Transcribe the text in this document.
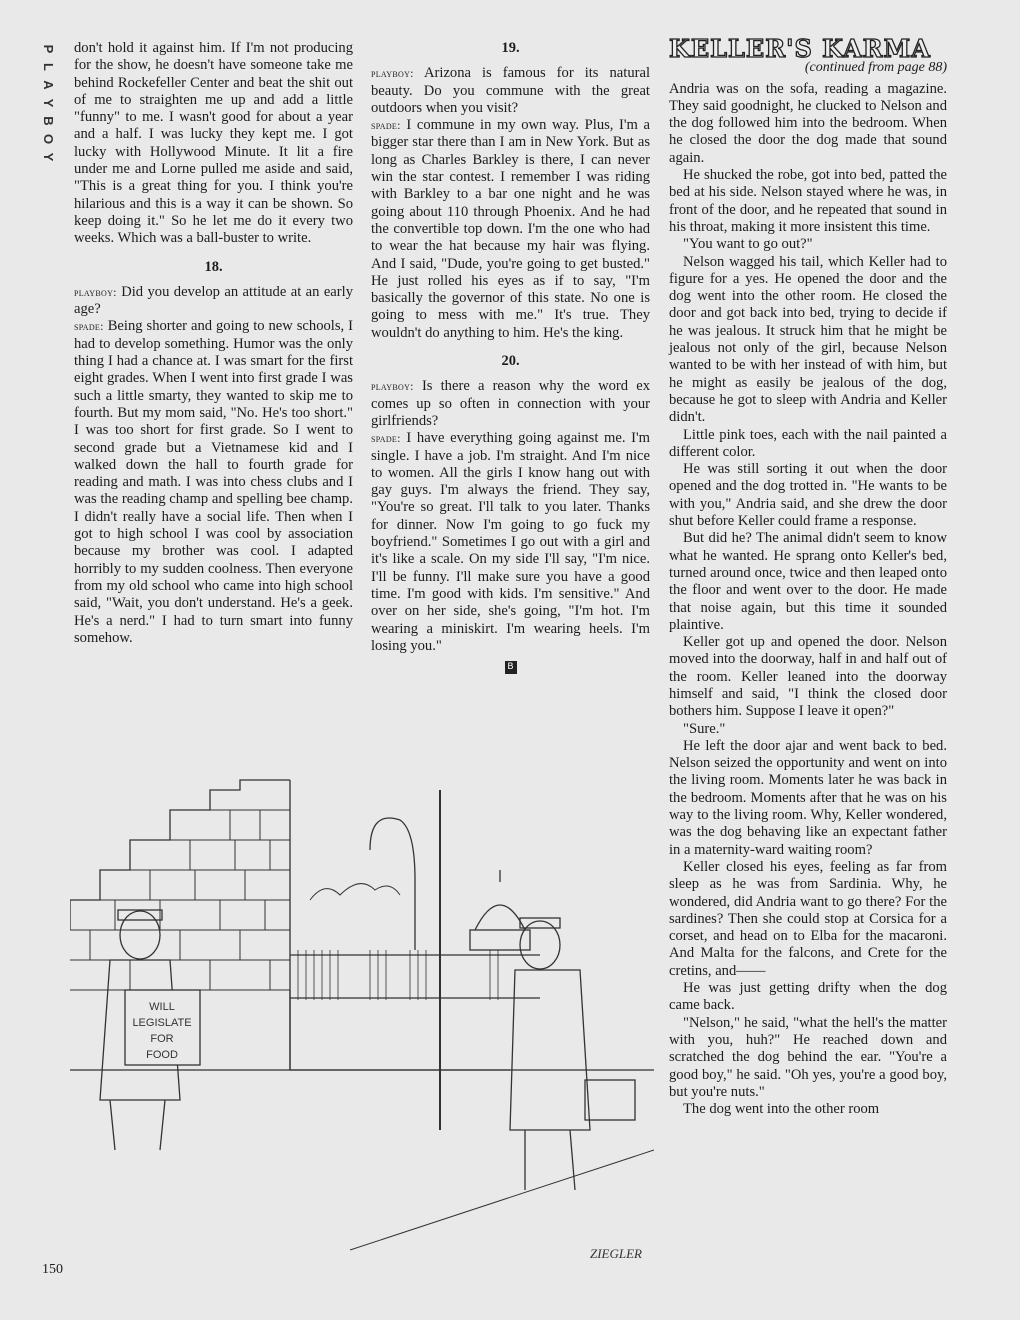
P
L
A
Y
B
O
Y

don't hold it against him. If I'm not producing for the show, he doesn't have someone take me behind Rockefeller Center and beat the shit out of me to straighten me up and add a little "funny" to me. I wasn't good for about a year and a half. I was lucky they kept me. I got lucky with Hollywood Minute. It lit a fire under me and Lorne pulled me aside and said, "This is a great thing for you. I think you're hilarious and this is a way it can be shown. So keep doing it." So he let me do it every two weeks. Which was a ball-buster to write.

18.

playboy: Did you develop an attitude at an early age?

spade: Being shorter and going to new schools, I had to develop something. Humor was the only thing I had a chance at. I was smart for the first eight grades. When I went into first grade I was such a little smarty, they wanted to skip me to fourth. But my mom said, "No. He's too short." I was too short for first grade. So I went to second grade but a Vietnamese kid and I walked down the hall to fourth grade for reading and math. I was into chess clubs and I was the reading champ and spelling bee champ. I didn't really have a social life. Then when I got to high school I was cool by association because my brother was cool. I adapted horribly to my sudden coolness. Then everyone from my old school who came into high school said, "Wait, you don't understand. He's a geek. He's a nerd." I had to turn smart into funny somehow.

19.

playboy: Arizona is famous for its natural beauty. Do you commune with the great outdoors when you visit?

spade: I commune in my own way. Plus, I'm a bigger star there than I am in New York. But as long as Charles Barkley is there, I can never win the star contest. I remember I was riding with Barkley to a bar one night and he was going about 110 through Phoenix. And he had the convertible top down. I'm the one who had to wear the hat because my hair was flying. And I said, "Dude, you're going to get busted." He just rolled his eyes as if to say, "I'm basically the governor of this state. No one is going to mess with me." It's true. They wouldn't do anything to him. He's the king.

20.

playboy: Is there a reason why the word ex comes up so often in connection with your girlfriends?

spade: I have everything going against me. I'm single. I have a job. I'm straight. And I'm nice to women. All the girls I know hang out with gay guys. I'm always the friend. They say, "You're so great. I'll talk to you later. Thanks for dinner. Now I'm going to go fuck my boyfriend." Sometimes I go out with a girl and it's like a scale. On my side I'll say, "I'm nice. I'll be funny. I'll make sure you have a good time. I'm good with kids. I'm sensitive." And over on her side, she's going, "I'm hot. I'm wearing a miniskirt. I'm wearing heels. I'm losing you."

B

KELLER'S KARMA

(continued from page 88)

Andria was on the sofa, reading a magazine. They said goodnight, he clucked to Nelson and the dog followed him into the bedroom. When he closed the door the dog made that sound again.

He shucked the robe, got into bed, patted the bed at his side. Nelson stayed where he was, in front of the door, and he repeated that sound in his throat, making it more insistent this time.

"You want to go out?"

Nelson wagged his tail, which Keller had to figure for a yes. He opened the door and the dog went into the other room. He closed the door and got back into bed, trying to decide if he was jealous. It struck him that he might be jealous not only of the girl, because Nelson wanted to be with her instead of with him, but he might as easily be jealous of the dog, because he got to sleep with Andria and Keller didn't.

Little pink toes, each with the nail painted a different color.

He was still sorting it out when the door opened and the dog trotted in. "He wants to be with you," Andria said, and she drew the door shut before Keller could frame a response.

But did he? The animal didn't seem to know what he wanted. He sprang onto Keller's bed, turned around once, twice and then leaped onto the floor and went over to the door. He made that noise again, but this time it sounded plaintive.

Keller got up and opened the door. Nelson moved into the doorway, half in and half out of the room. Keller leaned into the doorway himself and said, "I think the closed door bothers him. Suppose I leave it open?"

"Sure."

He left the door ajar and went back to bed. Nelson seized the opportunity and went on into the living room. Moments later he was back in the bedroom. Moments after that he was on his way to the living room. Why, Keller wondered, was the dog behaving like an expectant father in a maternity-ward waiting room?

Keller closed his eyes, feeling as far from sleep as he was from Sardinia. Why, he wondered, did Andria want to go there? For the sardines? Then she could stop at Corsica for a corset, and head on to Elba for the macaroni. And Malta for the falcons, and Crete for the cretins, and——

He was just getting drifty when the dog came back.

"Nelson," he said, "what the hell's the matter with you, huh?" He reached down and scratched the dog behind the ear. "You're a good boy," he said. "Oh yes, you're a good boy, but you're nuts."

The dog went into the other room

WILL
LEGISLATE
FOR
FOOD
ZIEGLER
150
